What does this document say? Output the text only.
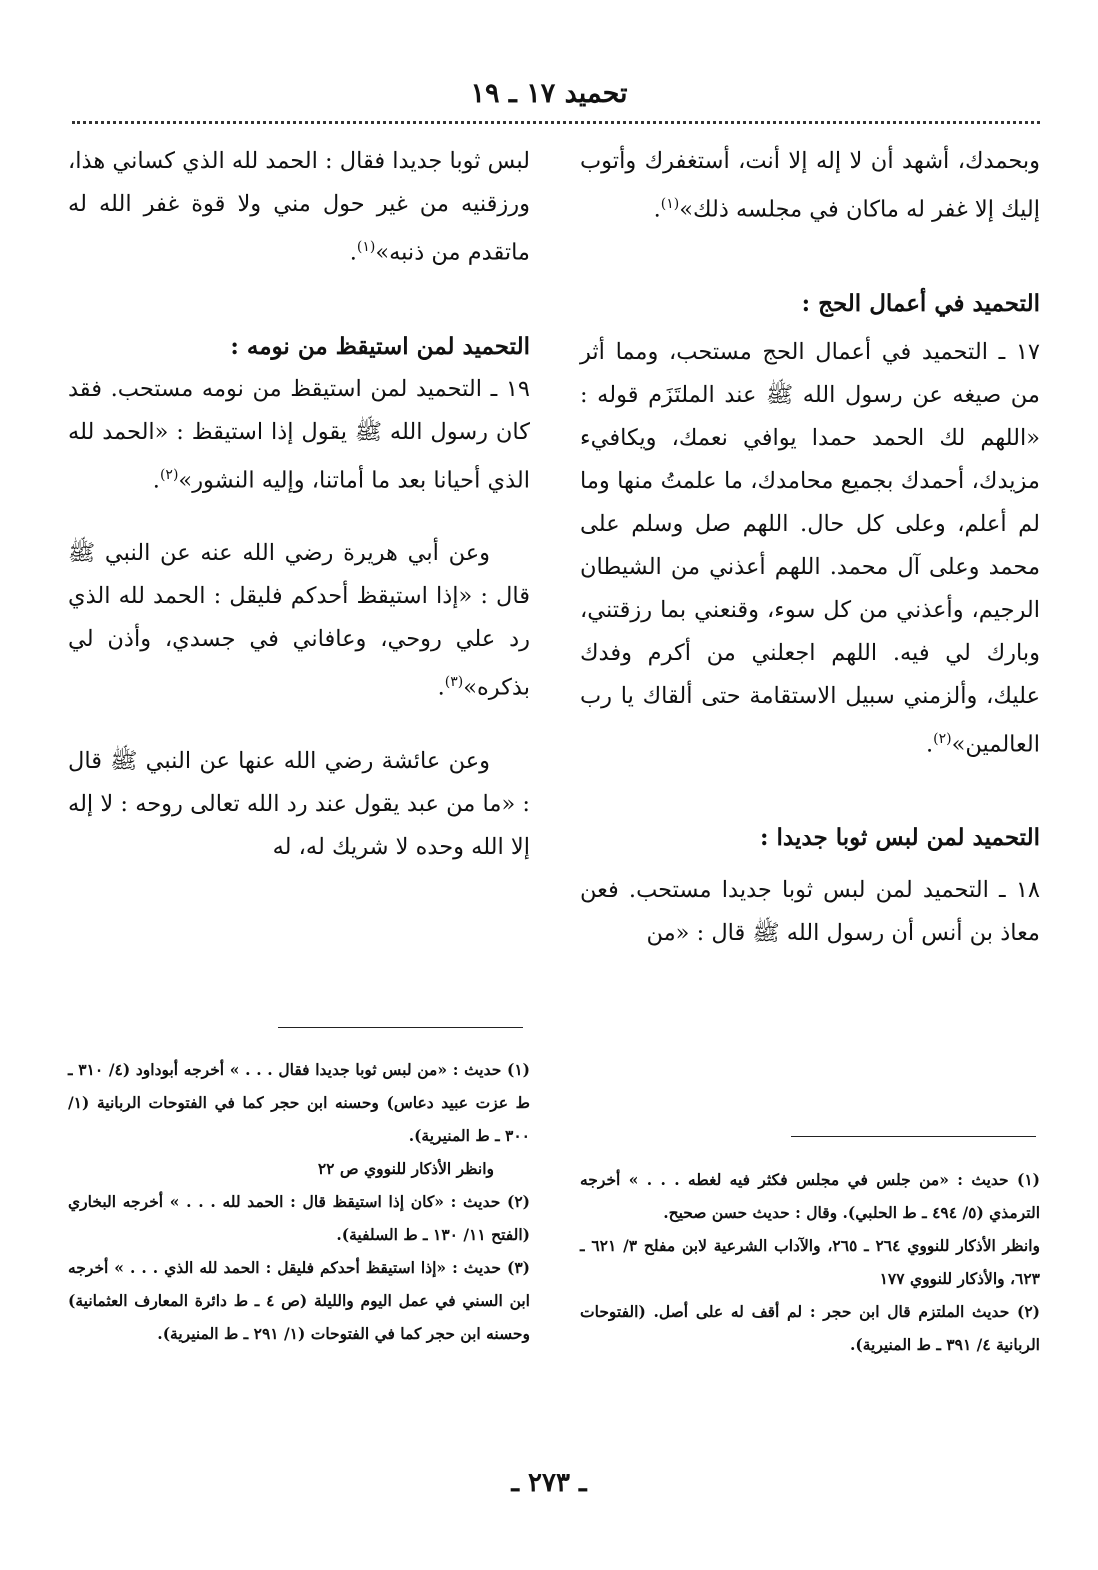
تحميد ١٧ ـ ١٩

وبحمدك، أشهد أن لا إله إلا أنت، أستغفرك وأتوب إليك إلا غفر له ماكان في مجلسه ذلك»$^{(١)}$.

التحميد في أعمال الحج :

١٧ ـ التحميد في أعمال الحج مستحب، ومما أثر من صيغه عن رسول الله ﷺ عند الملتَزَم قوله : «اللهم لك الحمد حمدا يوافي نعمك، ويكافيء مزيدك، أحمدك بجميع محامدك، ما علمتُ منها وما لم أعلم، وعلى كل حال. اللهم صل وسلم على محمد وعلى آل محمد. اللهم أعذني من الشيطان الرجيم، وأعذني من كل سوء، وقنعني بما رزقتني، وبارك لي فيه. اللهم اجعلني من أكرم وفدك عليك، وألزمني سبيل الاستقامة حتى ألقاك يا رب العالمين»$^{(٢)}$.

التحميد لمن لبس ثوبا جديدا :

١٨ ـ التحميد لمن لبس ثوبا جديدا مستحب. فعن معاذ بن أنس أن رسول الله ﷺ قال : «من

لبس ثوبا جديدا فقال : الحمد لله الذي كساني هذا، ورزقنيه من غير حول مني ولا قوة غفر الله له ماتقدم من ذنبه»$^{(١)}$.

التحميد لمن استيقظ من نومه :

١٩ ـ التحميد لمن استيقظ من نومه مستحب. فقد كان رسول الله ﷺ يقول إذا استيقظ : «الحمد لله الذي أحيانا بعد ما أماتنا، وإليه النشور»$^{(٢)}$.

وعن أبي هريرة رضي الله عنه عن النبي ﷺ قال : «إذا استيقظ أحدكم فليقل : الحمد لله الذي رد علي روحي، وعافاني في جسدي، وأذن لي بذكره»$^{(٣)}$.

وعن عائشة رضي الله عنها عن النبي ﷺ قال : «ما من عبد يقول عند رد الله تعالى روحه : لا إله إلا الله وحده لا شريك له، له

(١) حديث : «من لبس ثوبا جديدا فقال . . . » أخرجه أبوداود (٤/ ٣١٠ ـ ط عزت عبيد دعاس) وحسنه ابن حجر كما في الفتوحات الربانية (١/ ٣٠٠ ـ ط المنيرية).

وانظر الأذكار للنووي ص ٢٢

(٢) حديث : «كان إذا استيقظ قال : الحمد لله . . . » أخرجه البخاري (الفتح ١١/ ١٣٠ ـ ط السلفية).

(٣) حديث : «إذا استيقظ أحدكم فليقل : الحمد لله الذي . . . » أخرجه ابن السني في عمل اليوم والليلة (ص ٤ ـ ط دائرة المعارف العثمانية) وحسنه ابن حجر كما في الفتوحات (١/ ٢٩١ ـ ط المنيرية).

(١) حديث : «من جلس في مجلس فكثر فيه لغطه . . . » أخرجه الترمذي (٥/ ٤٩٤ ـ ط الحلبي). وقال : حديث حسن صحيح.

وانظر الأذكار للنووي ٢٦٤ ـ ٢٦٥، والآداب الشرعية لابن مفلح ٣/ ٦٢١ ـ ٦٢٣، والأذكار للنووي ١٧٧

(٢) حديث الملتزم قال ابن حجر : لم أقف له على أصل. (الفتوحات الربانية ٤/ ٣٩١ ـ ط المنيرية).

ـ ٢٧٣ ـ
